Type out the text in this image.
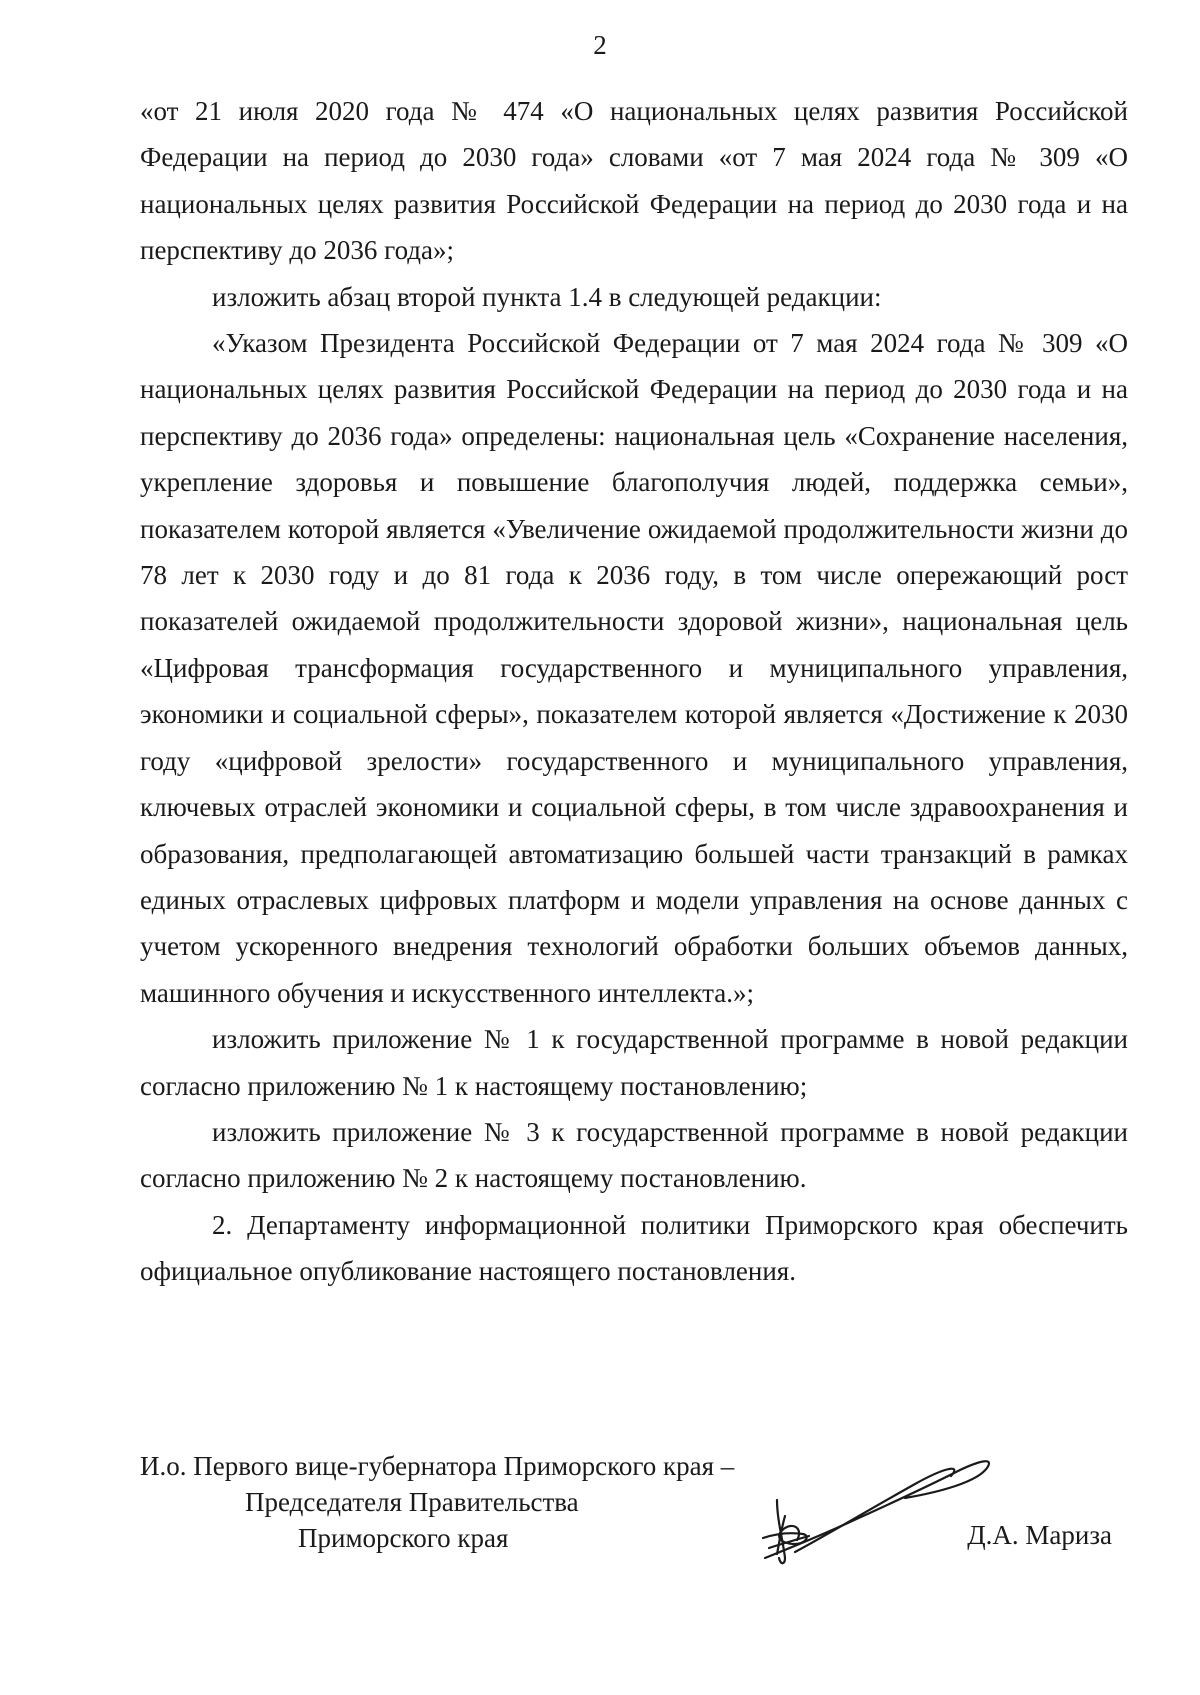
2

«от 21 июля 2020 года № 474 «О национальных целях развития Российской Федерации на период до 2030 года» словами «от 7 мая 2024 года № 309 «О национальных целях развития Российской Федерации на период до 2030 года и на перспективу до 2036 года»;

изложить абзац второй пункта 1.4 в следующей редакции:

«Указом Президента Российской Федерации от 7 мая 2024 года № 309 «О национальных целях развития Российской Федерации на период до 2030 года и на перспективу до 2036 года» определены: национальная цель «Сохранение населения, укрепление здоровья и повышение благополучия людей, поддержка семьи», показателем которой является «Увеличение ожидаемой продолжительности жизни до 78 лет к 2030 году и до 81 года к 2036 году, в том числе опережающий рост показателей ожидаемой продолжительности здоровой жизни», национальная цель «Цифровая трансформация государственного и муниципального управления, экономики и социальной сферы», показателем которой является «Достижение к 2030 году «цифровой зрелости» государственного и муниципального управления, ключевых отраслей экономики и социальной сферы, в том числе здравоохранения и образования, предполагающей автоматизацию большей части транзакций в рамках единых отраслевых цифровых платформ и модели управления на основе данных с учетом ускоренного внедрения технологий обработки больших объемов данных, машинного обучения и искусственного интеллекта.»;

изложить приложение № 1 к государственной программе в новой редакции согласно приложению № 1 к настоящему постановлению;

изложить приложение № 3 к государственной программе в новой редакции согласно приложению № 2 к настоящему постановлению.

2. Департаменту информационной политики Приморского края обеспечить официальное опубликование настоящего постановления.

И.о. Первого вице-губернатора Приморского края –
Председателя Правительства
Приморского края	Д.А. Мариза
